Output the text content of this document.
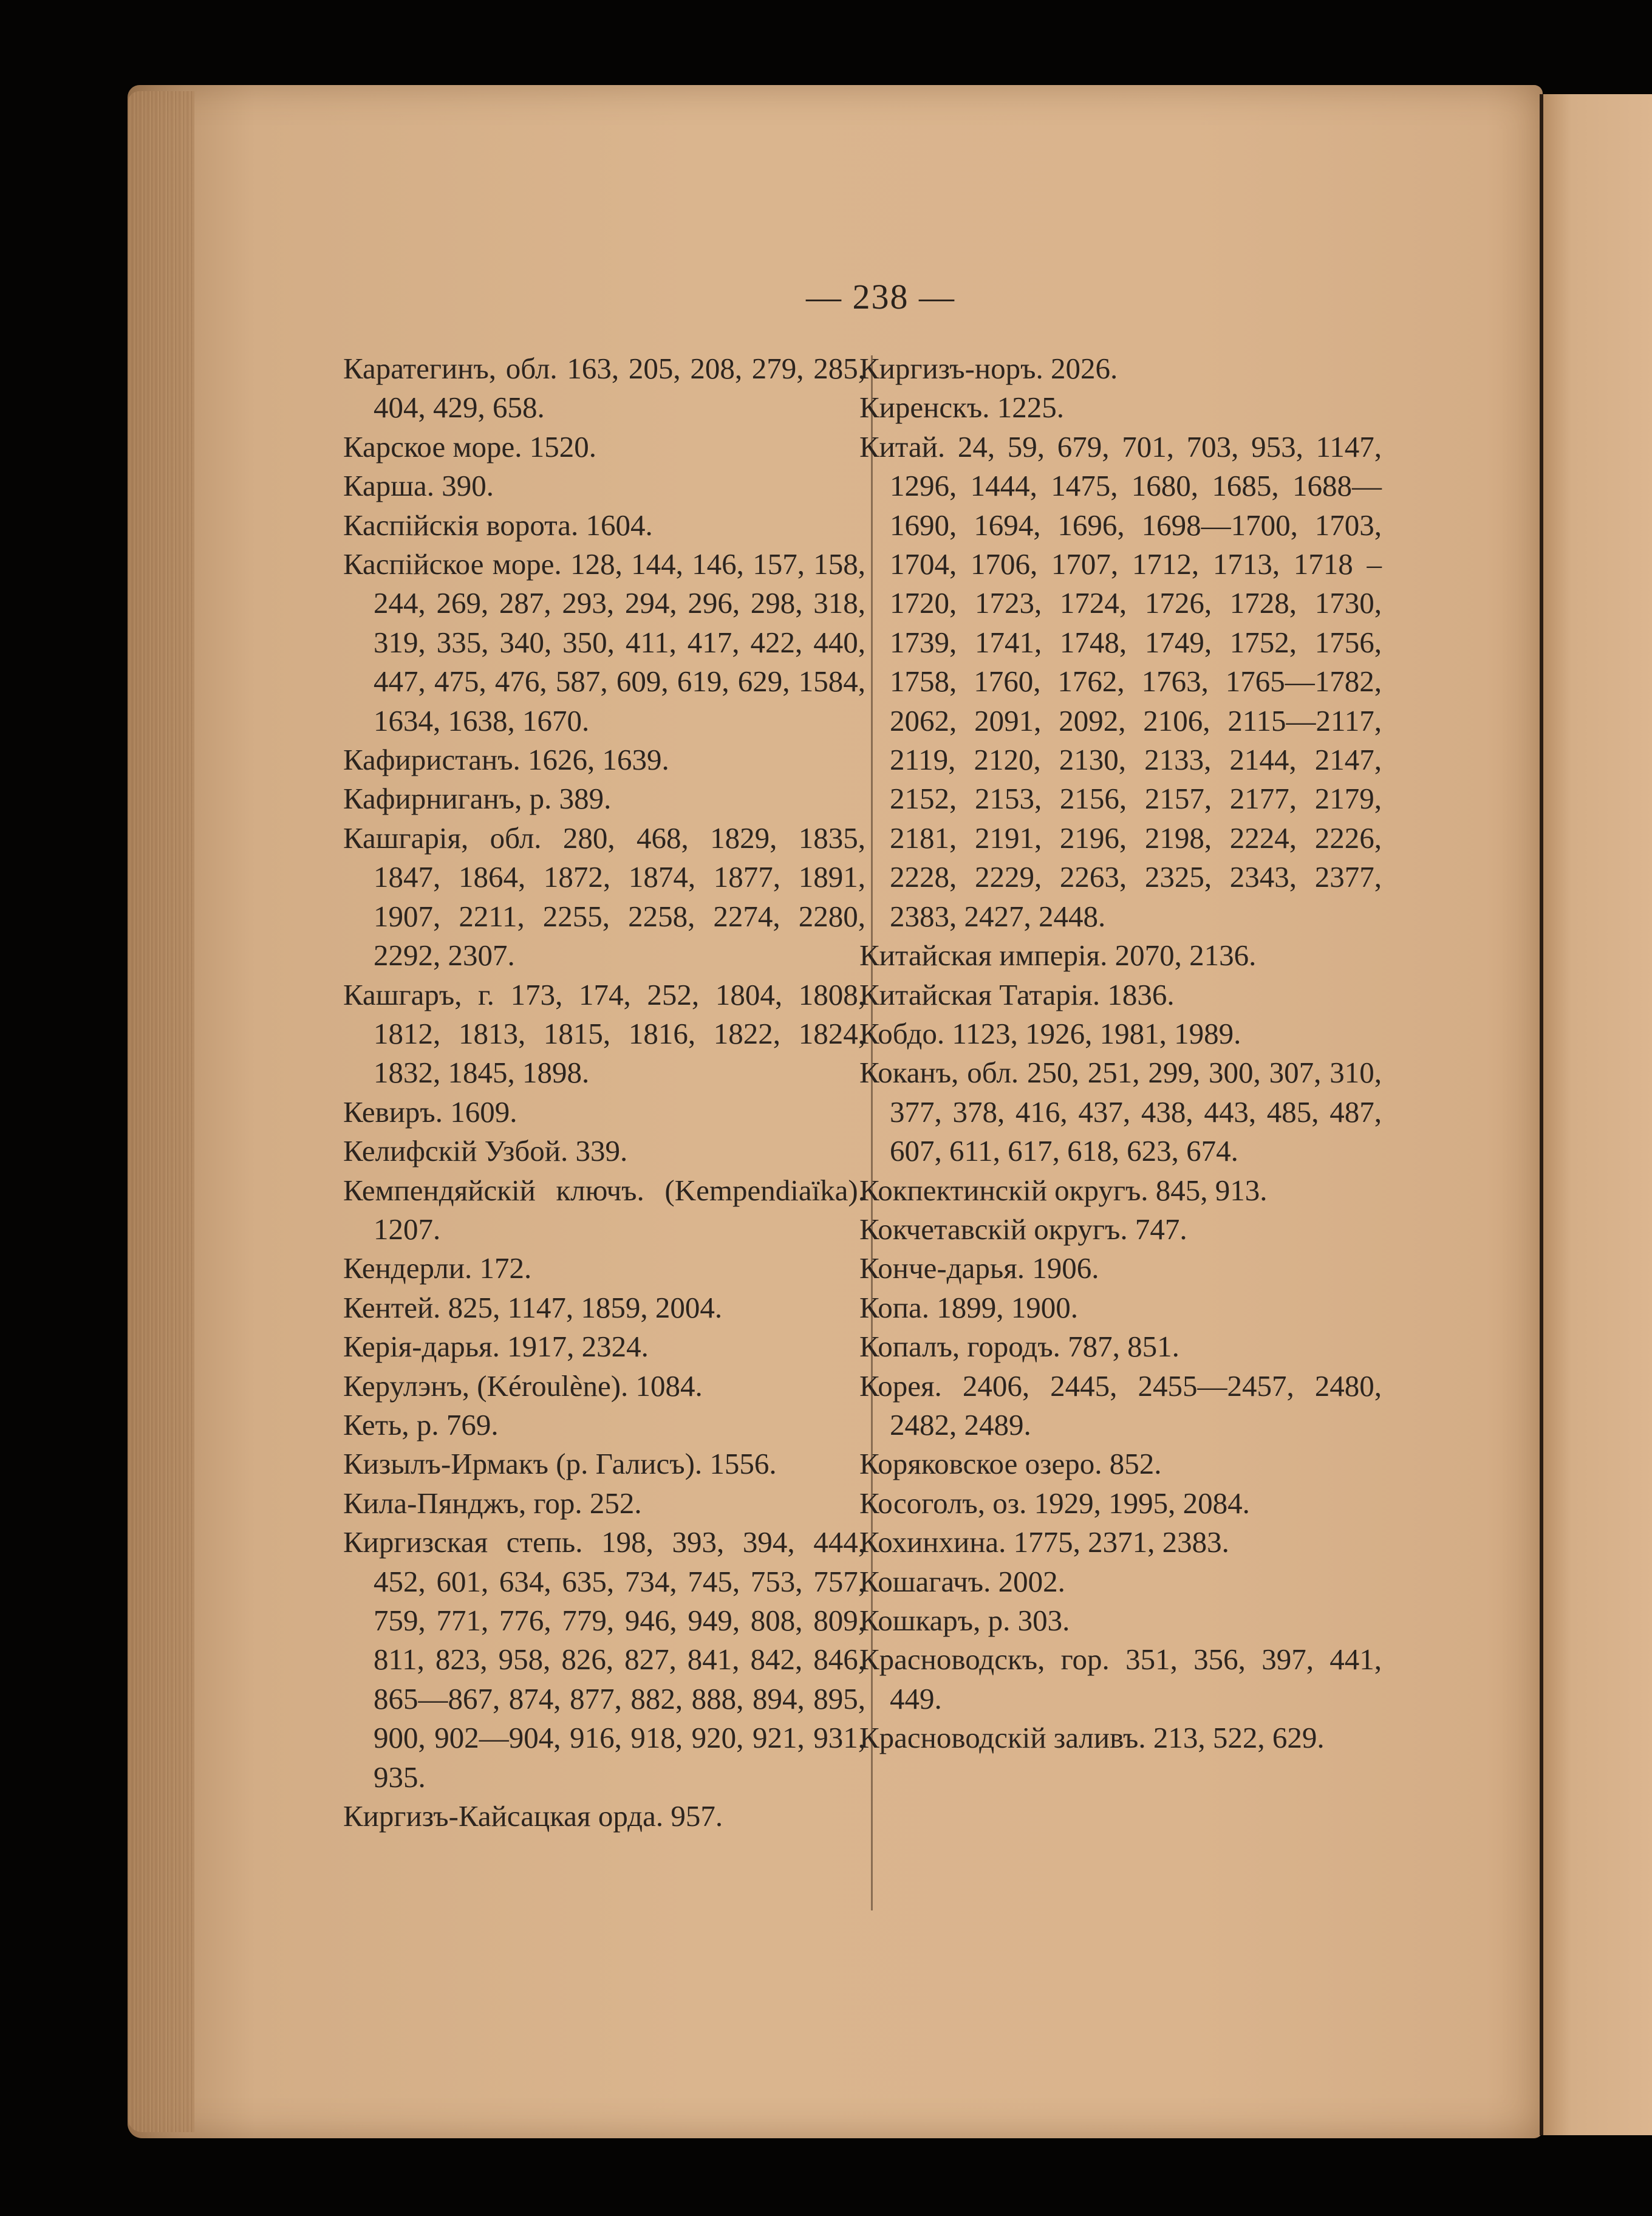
— 238 —

Каратегинъ, обл. 163, 205, 208, 279, 285, 404, 429, 658.

Карское море. 1520.

Карша. 390.

Каспійскія ворота. 1604.

Каспійское море. 128, 144, 146, 157, 158, 244, 269, 287, 293, 294, 296, 298, 318, 319, 335, 340, 350, 411, 417, 422, 440, 447, 475, 476, 587, 609, 619, 629, 1584, 1634, 1638, 1670.

Кафиристанъ. 1626, 1639.

Кафирниганъ, р. 389.

Кашгарія, обл. 280, 468, 1829, 1835, 1847, 1864, 1872, 1874, 1877, 1891, 1907, 2211, 2255, 2258, 2274, 2280, 2292, 2307.

Кашгаръ, г. 173, 174, 252, 1804, 1808, 1812, 1813, 1815, 1816, 1822, 1824, 1832, 1845, 1898.

Кевиръ. 1609.

Келифскій Узбой. 339.

Кемпендяйскій ключъ. (Kempendiaïka). 1207.

Кендерли. 172.

Кентей. 825, 1147, 1859, 2004.

Керія-дарья. 1917, 2324.

Керулэнъ, (Kéroulène). 1084.

Кеть, р. 769.

Кизылъ-Ирмакъ (р. Галисъ). 1556.

Кила-Пянджъ, гор. 252.

Киргизская степь. 198, 393, 394, 444, 452, 601, 634, 635, 734, 745, 753, 757, 759, 771, 776, 779, 946, 949, 808, 809, 811, 823, 958, 826, 827, 841, 842, 846, 865—867, 874, 877, 882, 888, 894, 895, 900, 902—904, 916, 918, 920, 921, 931, 935.

Киргизъ-Кайсацкая орда. 957.

Киргизъ-норъ. 2026.

Киренскъ. 1225.

Китай. 24, 59, 679, 701, 703, 953, 1147, 1296, 1444, 1475, 1680, 1685, 1688—1690, 1694, 1696, 1698—1700, 1703, 1704, 1706, 1707, 1712, 1713, 1718 –1720, 1723, 1724, 1726, 1728, 1730, 1739, 1741, 1748, 1749, 1752, 1756, 1758, 1760, 1762, 1763, 1765—1782, 2062, 2091, 2092, 2106, 2115—2117, 2119, 2120, 2130, 2133, 2144, 2147, 2152, 2153, 2156, 2157, 2177, 2179, 2181, 2191, 2196, 2198, 2224, 2226, 2228, 2229, 2263, 2325, 2343, 2377, 2383, 2427, 2448.

Китайская имперія. 2070, 2136.

Китайская Татарія. 1836.

Кобдо. 1123, 1926, 1981, 1989.

Коканъ, обл. 250, 251, 299, 300, 307, 310, 377, 378, 416, 437, 438, 443, 485, 487, 607, 611, 617, 618, 623, 674.

Кокпектинскій округъ. 845, 913.

Кокчетавскій округъ. 747.

Конче-дарья. 1906.

Копа. 1899, 1900.

Копалъ, городъ. 787, 851.

Корея. 2406, 2445, 2455—2457, 2480, 2482, 2489.

Коряковское озеро. 852.

Косоголъ, оз. 1929, 1995, 2084.

Кохинхина. 1775, 2371, 2383.

Кошагачъ. 2002.

Кошкаръ, р. 303.

Красноводскъ, гор. 351, 356, 397, 441, 449.

Красноводскій заливъ. 213, 522, 629.
